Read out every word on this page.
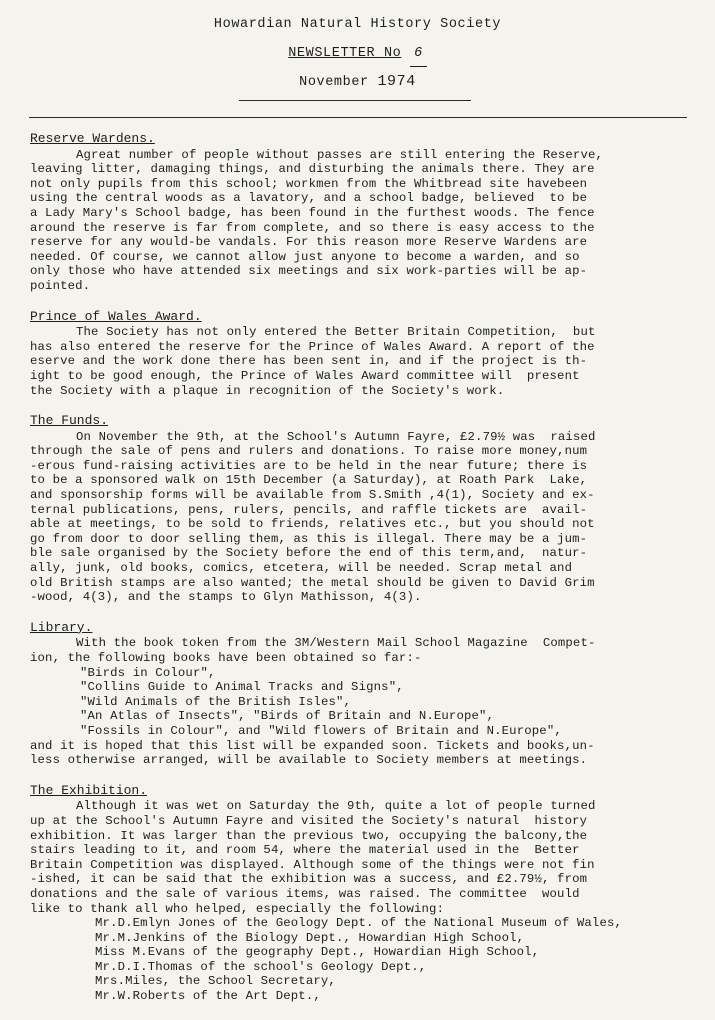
Howardian Natural History Society
NEWSLETTER No 6
November 1974
Reserve Wardens.
Agreat number of people without passes are still entering the Reserve,
leaving litter, damaging things, and disturbing the animals there. They are
not only pupils from this school; workmen from the Whitbread site havebeen
using the central woods as a lavatory, and a school badge, believed  to be
a Lady Mary's School badge, has been found in the furthest woods. The fence
around the reserve is far from complete, and so there is easy access to the
reserve for any would-be vandals. For this reason more Reserve Wardens are
needed. Of course, we cannot allow just anyone to become a warden, and so
only those who have attended six meetings and six work-parties will be ap-
pointed.
Prince of Wales Award.
The Society has not only entered the Better Britain Competition,  but
has also entered the reserve for the Prince of Wales Award. A report of the
eserve and the work done there has been sent in, and if the project is th-
ight to be good enough, the Prince of Wales Award committee will  present
the Society with a plaque in recognition of the Society's work.
The Funds.
On November the 9th, at the School's Autumn Fayre, £2.79½ was  raised
through the sale of pens and rulers and donations. To raise more money,num
-erous fund-raising activities are to be held in the near future; there is
to be a sponsored walk on 15th December (a Saturday), at Roath Park  Lake,
and sponsorship forms will be available from S.Smith ,4(1), Society and ex-
ternal publications, pens, rulers, pencils, and raffle tickets are  avail-
able at meetings, to be sold to friends, relatives etc., but you should not
go from door to door selling them, as this is illegal. There may be a jum-
ble sale organised by the Society before the end of this term,and,  natur-
ally, junk, old books, comics, etcetera, will be needed. Scrap metal and
old British stamps are also wanted; the metal should be given to David Grim
-wood, 4(3), and the stamps to Glyn Mathisson, 4(3).
Library.
With the book token from the 3M/Western Mail School Magazine  Compet-
ion, the following books have been obtained so far:-
"Birds in Colour",
"Collins Guide to Animal Tracks and Signs",
"Wild Animals of the British Isles",
"An Atlas of Insects", "Birds of Britain and N.Europe",
"Fossils in Colour", and "Wild flowers of Britain and N.Europe",
and it is hoped that this list will be expanded soon. Tickets and books,un-
less otherwise arranged, will be available to Society members at meetings.
The Exhibition.
Although it was wet on Saturday the 9th, quite a lot of people turned
up at the School's Autumn Fayre and visited the Society's natural  history
exhibition. It was larger than the previous two, occupying the balcony,the
stairs leading to it, and room 54, where the material used in the  Better
Britain Competition was displayed. Although some of the things were not fin
-ished, it can be said that the exhibition was a success, and £2.79½, from
donations and the sale of various items, was raised. The committee  would
like to thank all who helped, especially the following:
Mr.D.Emlyn Jones of the Geology Dept. of the National Museum of Wales,
Mr.M.Jenkins of the Biology Dept., Howardian High School,
Miss M.Evans of the geography Dept., Howardian High School,
Mr.D.I.Thomas of the school's Geology Dept.,
Mrs.Miles, the School Secretary,
Mr.W.Roberts of the Art Dept.,
